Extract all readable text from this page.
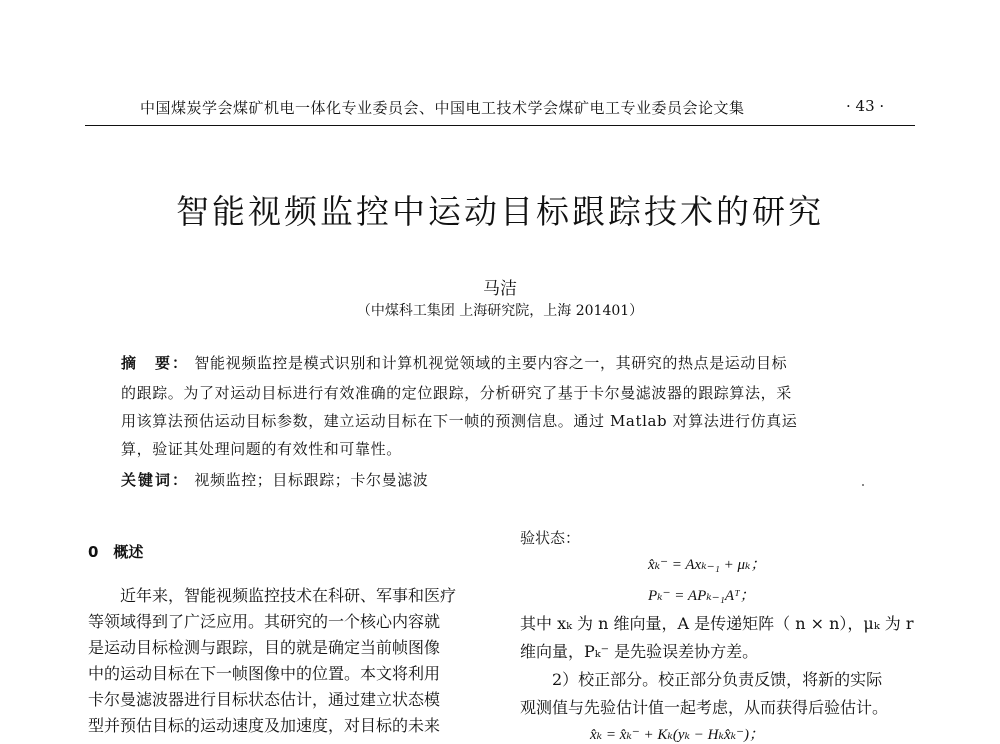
中国煤炭学会煤矿机电一体化专业委员会、中国电工技术学会煤矿电工专业委员会论文集	· 43 ·
智能视频监控中运动目标跟踪技术的研究
马洁
（中煤科工集团 上海研究院，上海 201401）
摘　要： 智能视频监控是模式识别和计算机视觉领域的主要内容之一，其研究的热点是运动目标
的跟踪。为了对运动目标进行有效准确的定位跟踪，分析研究了基于卡尔曼滤波器的跟踪算法，采
用该算法预估运动目标参数，建立运动目标在下一帧的预测信息。通过 Matlab 对算法进行仿真运
算，验证其处理问题的有效性和可靠性。
关键词： 视频监控；目标跟踪；卡尔曼滤波
0　概述
近年来，智能视频监控技术在科研、军事和医疗
等领域得到了广泛应用。其研究的一个核心内容就
是运动目标检测与跟踪，目的就是确定当前帧图像
中的运动目标在下一帧图像中的位置。本文将利用
卡尔曼滤波器进行目标状态估计，通过建立状态模
型并预估目标的运动速度及加速度，对目标的未来
验状态：
x̂ₖ⁻ = Axₖ₋₁ + μₖ；
Pₖ⁻ = APₖ₋₁Aᵀ；
其中 xₖ 为 n 维向量，A 是传递矩阵（ n × n），μₖ 为 r
维向量，Pₖ⁻ 是先验误差协方差。
2）校正部分。校正部分负责反馈，将新的实际
观测值与先验估计值一起考虑，从而获得后验估计。
x̂ₖ = x̂ₖ⁻ + Kₖ(yₖ − Hₖx̂ₖ⁻)；
